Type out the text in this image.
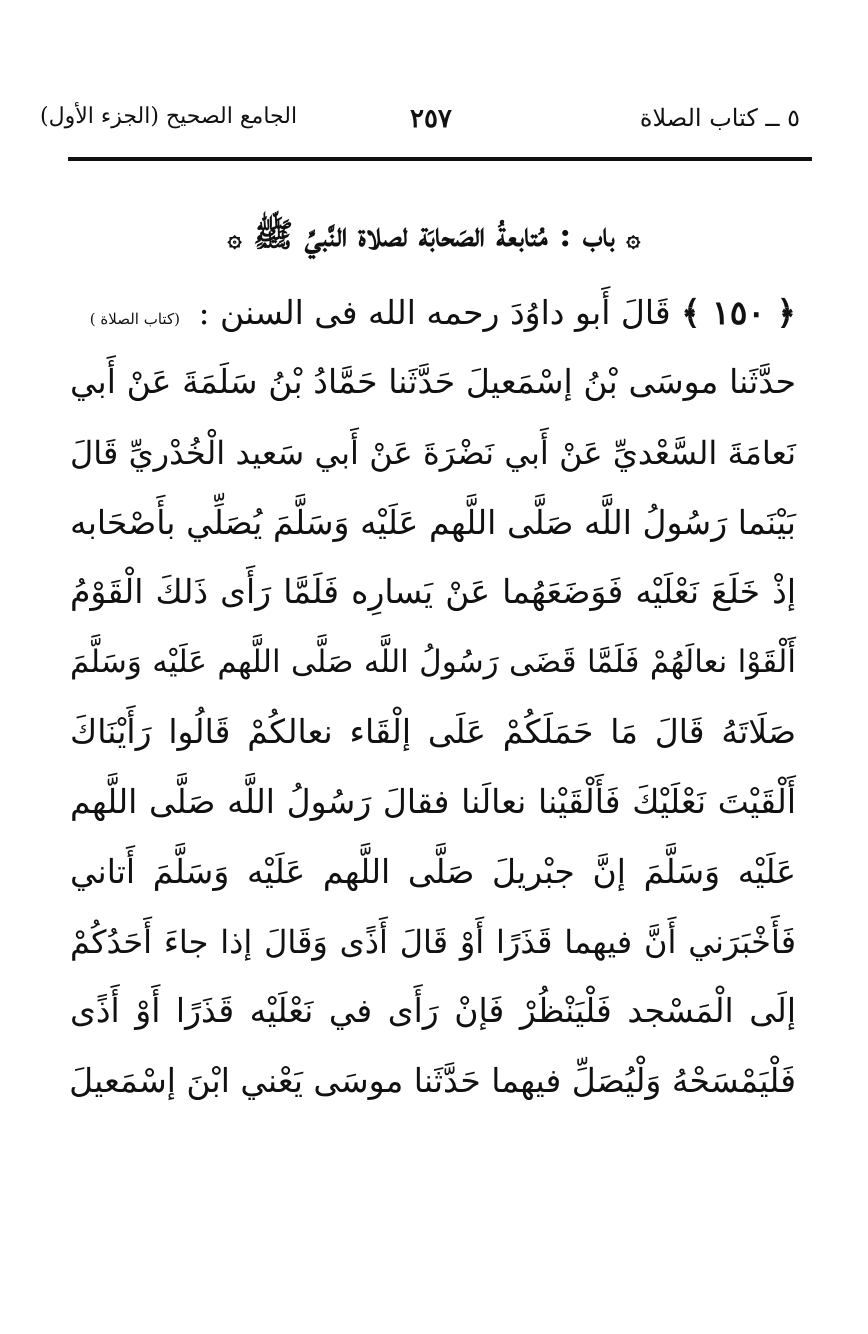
٥ ــ كتاب الصلاة
٢٥٧
الجامع الصحيح (الجزء الأول)
۞ باب : مُتابعةُ الصَحابَة لصلاة النَّبيِّ ﷺ ۞
﴿ ١٥٠ ﴾ قَالَ أَبو داوُدَ رحمه الله فى السنن : (كتاب الصلاة )
حدَّثَنا موسَى بْنُ إسْمَعيلَ حَدَّثَنا حَمَّادُ بْنُ سَلَمَةَ عَنْ أَبي
نَعامَةَ السَّعْديِّ عَنْ أَبي نَضْرَةَ عَنْ أَبي سَعيد الْخُدْريِّ قَالَ
بَيْنَما رَسُولُ اللَّه صَلَّى اللَّهم عَلَيْه وَسَلَّمَ يُصَلِّي بأَصْحَابه
إذْ خَلَعَ نَعْلَيْه فَوَضَعَهُما عَنْ يَسارِه فَلَمَّا رَأَى ذَلكَ الْقَوْمُ
أَلْقَوْا نعالَهُمْ فَلَمَّا قَضَى رَسُولُ اللَّه صَلَّى اللَّهم عَلَيْه وَسَلَّمَ
صَلَاتَهُ قَالَ مَا حَمَلَكُمْ عَلَى إلْقَاء نعالكُمْ قَالُوا رَأَيْنَاكَ
أَلْقَيْتَ نَعْلَيْكَ فَأَلْقَيْنا نعالَنا فقالَ رَسُولُ اللَّه صَلَّى اللَّهم
عَلَيْه وَسَلَّمَ إنَّ جبْريلَ صَلَّى اللَّهم عَلَيْه وَسَلَّمَ أَتاني
فَأَخْبَرَني أَنَّ فيهما قَذَرًا أَوْ قَالَ أَذًى وَقَالَ إذا جاءَ أَحَدُكُمْ
إلَى الْمَسْجد فَلْيَنْظُرْ فَإنْ رَأَى في نَعْلَيْه قَذَرًا أَوْ أَذًى
فَلْيَمْسَحْهُ وَلْيُصَلِّ فيهما حَدَّثَنا موسَى يَعْني ابْنَ إسْمَعيلَ
